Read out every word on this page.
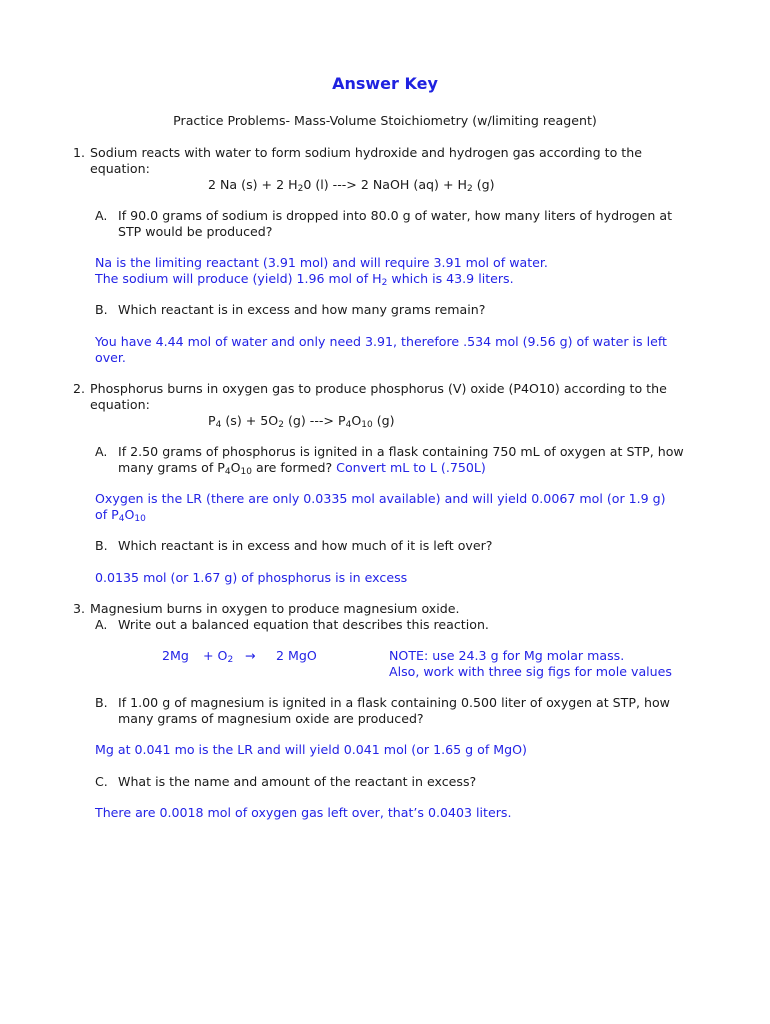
Answer Key
Practice Problems- Mass-Volume Stoichiometry (w/limiting reagent)
1. Sodium reacts with water to form sodium hydroxide and hydrogen gas according to the
equation:
2 Na (s) + 2 $H_20$ (l) ---> 2 NaOH $(aq) + H_2$ (g)
A. If 90.0 grams of sodium is dropped into 80.0 g of water, how many liters of hydrogen at
STP would be produced?
Na is the limiting reactant (3.91 mol) and will require 3.91 mol of water.
The sodium will produce (yield) 1.96 mol of $H_2$ which is 43.9 liters.
B. Which reactant is in excess and how many grams remain?
You have 4.44 mol of water and only need 3.91, therefore .534 mol (9.56 g) of water is left
over.
2. Phosphorus burns in oxygen gas to produce phosphorus (V) oxide (P4O10) according to the
equation:
$P_4$ $(s) + 5O_2$ (g) ---> $P_4O_{10}$ (g)
A. If 2.50 grams of phosphorus is ignited in a flask containing 750 mL of oxygen at STP, how
many grams of $P_4O_{10}$ are formed? Convert mL to L (.750L)
Oxygen is the LR (there are only 0.0335 mol available) and will yield 0.0067 mol (or 1.9 g)
of $P_4O_{10}$
B. Which reactant is in excess and how much of it is left over?
0.0135 mol (or 1.67 g) of phosphorus is in excess
3. Magnesium burns in oxygen to produce magnesium oxide.
A. Write out a balanced equation that describes this reaction.
$2Mg + O_2 \to 2$ MgO	NOTE: use 24.3 g for Mg molar mass.
Also, work with three sig figs for mole values
B. If 1.00 g of magnesium is ignited in a flask containing 0.500 liter of oxygen at STP, how
many grams of magnesium oxide are produced?
Mg at 0.041 mo is the LR and will yield 0.041 mol (or 1.65 g of MgO)
C. What is the name and amount of the reactant in excess?
There are 0.0018 mol of oxygen gas left over, that’s 0.0403 liters.
